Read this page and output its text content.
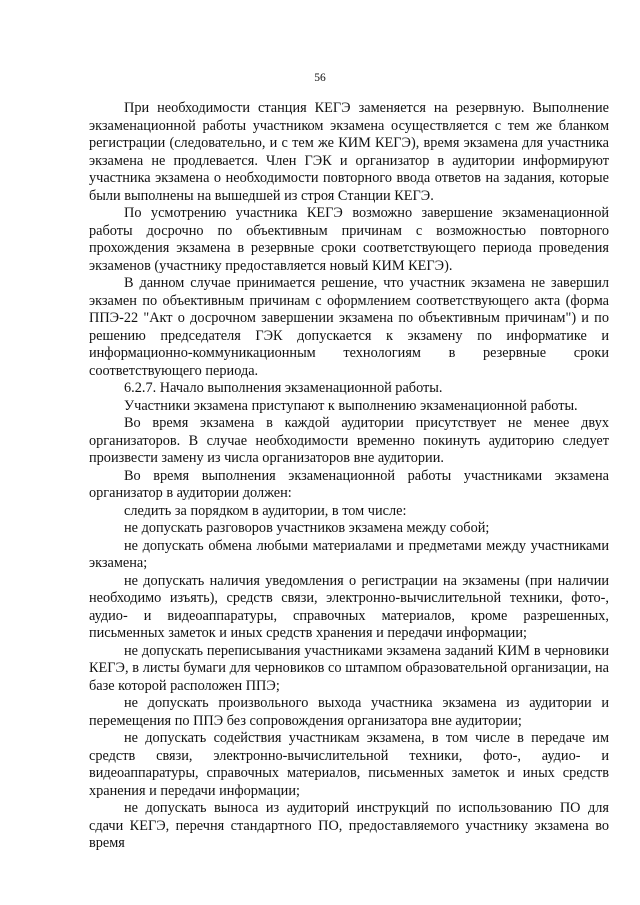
56

При необходимости станция КЕГЭ заменяется на резервную. Выполнение экзаменационной работы участником экзамена осуществляется с тем же бланком регистрации (следовательно, и с тем же КИМ КЕГЭ), время экзамена для участника экзамена не продлевается. Член ГЭК и организатор в аудитории информируют участника экзамена о необходимости повторного ввода ответов на задания, которые были выполнены на вышедшей из строя Станции КЕГЭ.

По усмотрению участника КЕГЭ возможно завершение экзаменационной работы досрочно по объективным причинам с возможностью повторного прохождения экзамена в резервные сроки соответствующего периода проведения экзаменов (участнику предоставляется новый КИМ КЕГЭ).

В данном случае принимается решение, что участник экзамена не завершил экзамен по объективным причинам с оформлением соответствующего акта (форма ППЭ-22 "Акт о досрочном завершении экзамена по объективным причинам") и по решению председателя ГЭК допускается к экзамену по информатике и информационно-коммуникационным технологиям в резервные сроки соответствующего периода.

6.2.7. Начало выполнения экзаменационной работы.

Участники экзамена приступают к выполнению экзаменационной работы.

Во время экзамена в каждой аудитории присутствует не менее двух организаторов. В случае необходимости временно покинуть аудиторию следует произвести замену из числа организаторов вне аудитории.

Во время выполнения экзаменационной работы участниками экзамена организатор в аудитории должен:

следить за порядком в аудитории, в том числе:

не допускать разговоров участников экзамена между собой;

не допускать обмена любыми материалами и предметами между участниками экзамена;

не допускать наличия уведомления о регистрации на экзамены (при наличии необходимо изъять), средств связи, электронно-вычислительной техники, фото-, аудио- и видеоаппаратуры, справочных материалов, кроме разрешенных, письменных заметок и иных средств хранения и передачи информации;

не допускать переписывания участниками экзамена заданий КИМ в черновики КЕГЭ, в листы бумаги для черновиков со штампом образовательной организации, на базе которой расположен ППЭ;

не допускать произвольного выхода участника экзамена из аудитории и перемещения по ППЭ без сопровождения организатора вне аудитории;

не допускать содействия участникам экзамена, в том числе в передаче им средств связи, электронно-вычислительной техники, фото-, аудио- и видеоаппаратуры, справочных материалов, письменных заметок и иных средств хранения и передачи информации;

не допускать выноса из аудиторий инструкций по использованию ПО для сдачи КЕГЭ, перечня стандартного ПО, предоставляемого участнику экзамена во время
